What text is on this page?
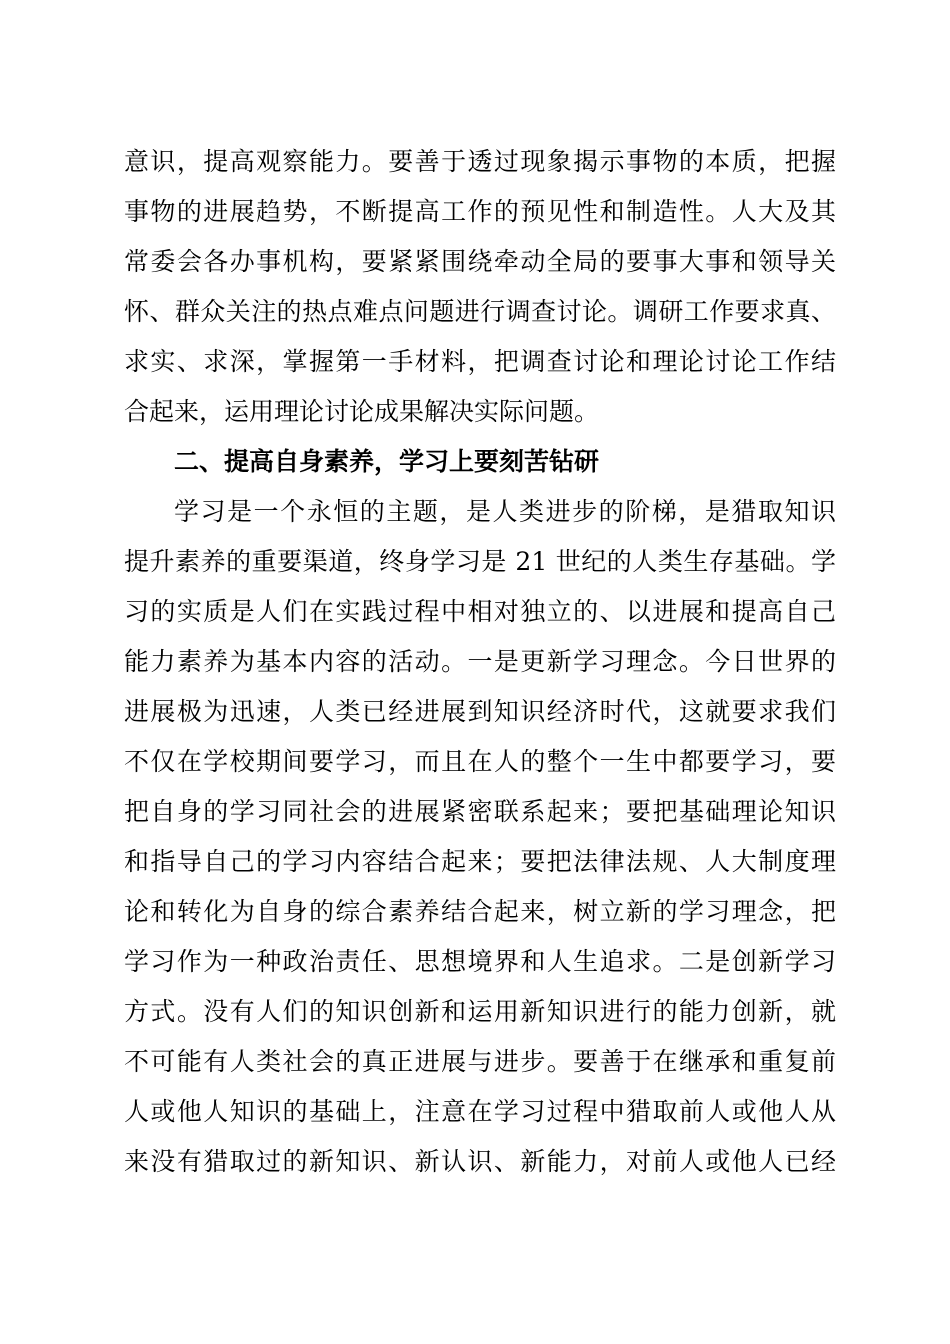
意识，提高观察能力。要善于透过现象揭示事物的本质，把握
事物的进展趋势，不断提高工作的预见性和制造性。人大及其
常委会各办事机构，要紧紧围绕牵动全局的要事大事和领导关
怀、群众关注的热点难点问题进行调查讨论。调研工作要求真、
求实、求深，掌握第一手材料，把调查讨论和理论讨论工作结
合起来，运用理论讨论成果解决实际问题。
二、提高自身素养，学习上要刻苦钻研
学习是一个永恒的主题，是人类进步的阶梯，是猎取知识
提升素养的重要渠道，终身学习是 21 世纪的人类生存基础。学
习的实质是人们在实践过程中相对独立的、以进展和提高自己
能力素养为基本内容的活动。一是更新学习理念。今日世界的
进展极为迅速，人类已经进展到知识经济时代，这就要求我们
不仅在学校期间要学习，而且在人的整个一生中都要学习，要
把自身的学习同社会的进展紧密联系起来；要把基础理论知识
和指导自己的学习内容结合起来；要把法律法规、人大制度理
论和转化为自身的综合素养结合起来，树立新的学习理念，把
学习作为一种政治责任、思想境界和人生追求。二是创新学习
方式。没有人们的知识创新和运用新知识进行的能力创新，就
不可能有人类社会的真正进展与进步。要善于在继承和重复前
人或他人知识的基础上，注意在学习过程中猎取前人或他人从
来没有猎取过的新知识、新认识、新能力，对前人或他人已经
